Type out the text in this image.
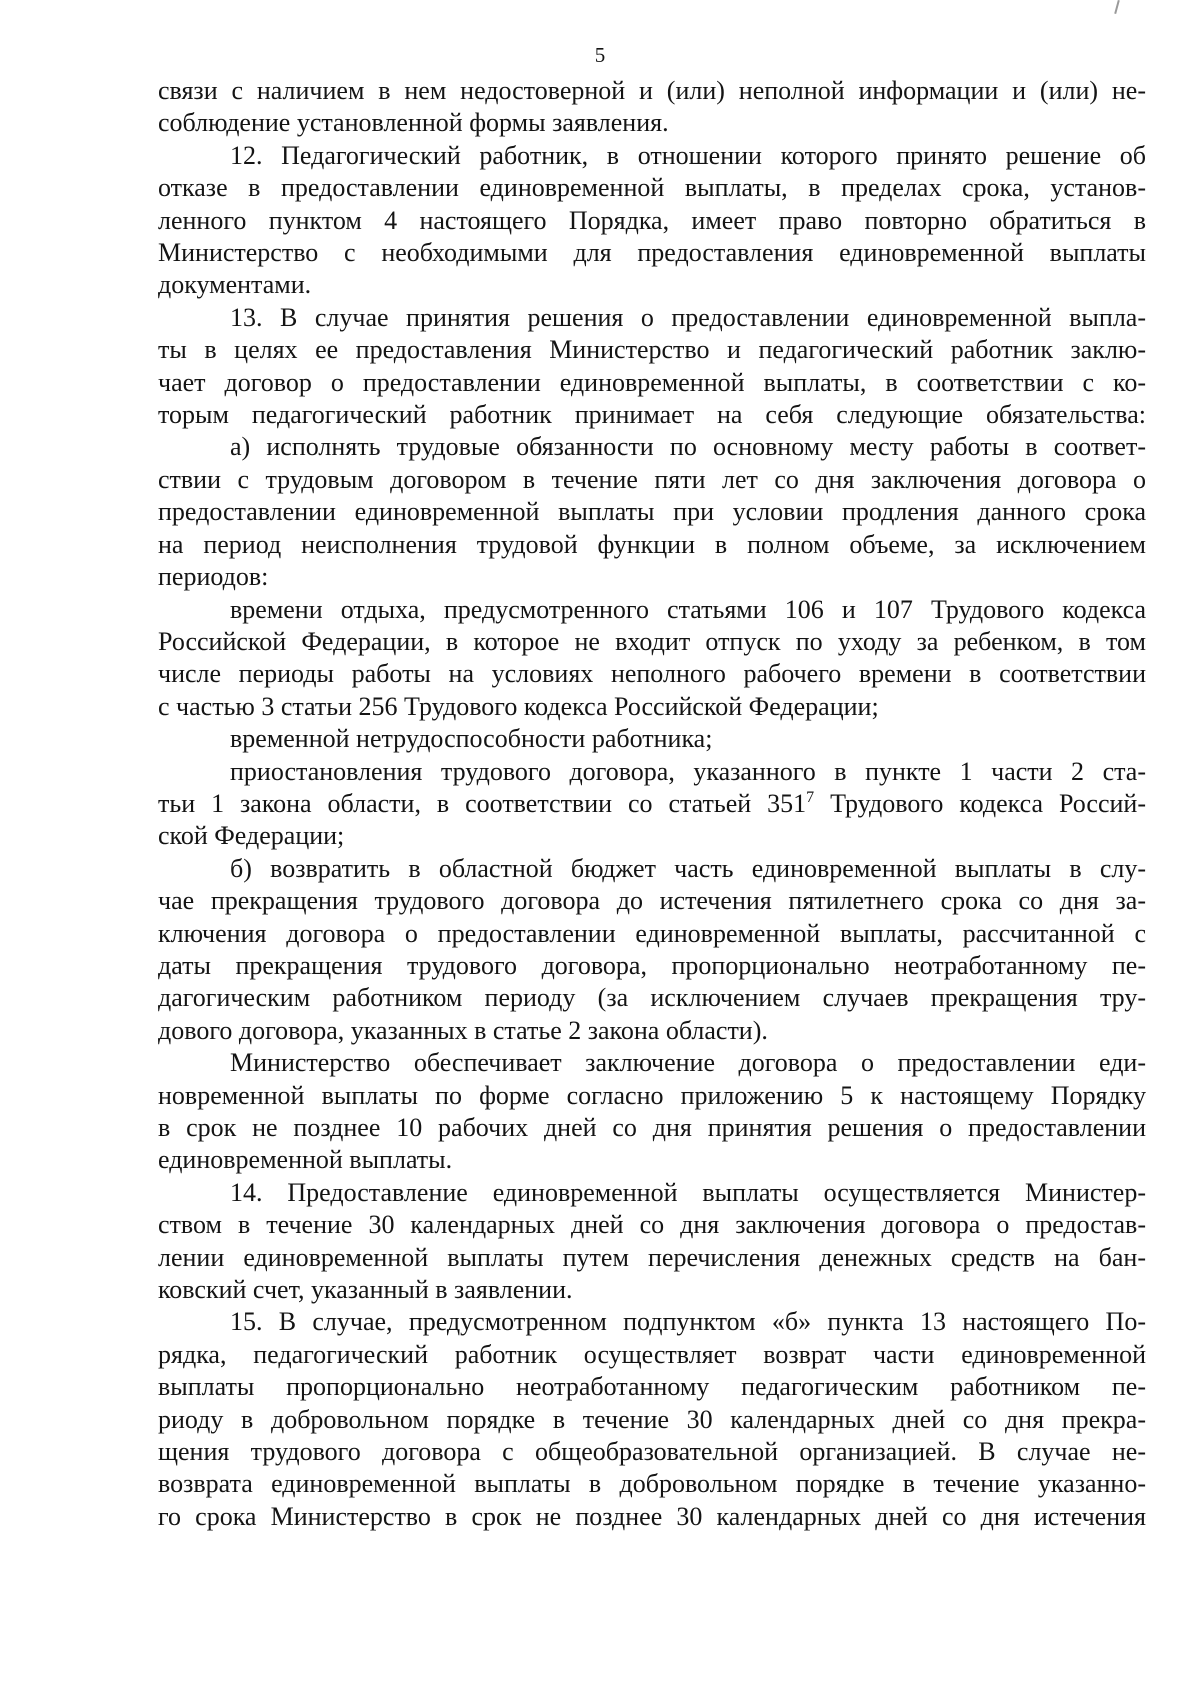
5
связи с наличием в нем недостоверной и (или) неполной информации и (или) не-
соблюдение установленной формы заявления.
12. Педагогический работник, в отношении которого принято решение об
отказе в предоставлении единовременной выплаты, в пределах срока, установ-
ленного пунктом 4 настоящего Порядка, имеет право повторно обратиться в
Министерство с необходимыми для предоставления единовременной выплаты
документами.
13. В случае принятия решения о предоставлении единовременной выпла-
ты в целях ее предоставления Министерство и педагогический работник заклю-
чает договор о предоставлении единовременной выплаты, в соответствии с ко-
торым педагогический работник принимает на себя следующие обязательства:
а) исполнять трудовые обязанности по основному месту работы в соответ-
ствии с трудовым договором в течение пяти лет со дня заключения договора о
предоставлении единовременной выплаты при условии продления данного срока
на период неисполнения трудовой функции в полном объеме, за исключением
периодов:
времени отдыха, предусмотренного статьями 106 и 107 Трудового кодекса
Российской Федерации, в которое не входит отпуск по уходу за ребенком, в том
числе периоды работы на условиях неполного рабочего времени в соответствии
с частью 3 статьи 256 Трудового кодекса Российской Федерации;
временной нетрудоспособности работника;
приостановления трудового договора, указанного в пункте 1 части 2 ста-
тьи 1 закона области, в соответствии со статьей $351^7$ Трудового кодекса Россий-
ской Федерации;
б) возвратить в областной бюджет часть единовременной выплаты в слу-
чае прекращения трудового договора до истечения пятилетнего срока со дня за-
ключения договора о предоставлении единовременной выплаты, рассчитанной с
даты прекращения трудового договора, пропорционально неотработанному пе-
дагогическим работником периоду (за исключением случаев прекращения тру-
дового договора, указанных в статье 2 закона области).
Министерство обеспечивает заключение договора о предоставлении еди-
новременной выплаты по форме согласно приложению 5 к настоящему Порядку
в срок не позднее 10 рабочих дней со дня принятия решения о предоставлении
единовременной выплаты.
14. Предоставление единовременной выплаты осуществляется Министер-
ством в течение 30 календарных дней со дня заключения договора о предостав-
лении единовременной выплаты путем перечисления денежных средств на бан-
ковский счет, указанный в заявлении.
15. В случае, предусмотренном подпунктом «б» пункта 13 настоящего По-
рядка, педагогический работник осуществляет возврат части единовременной
выплаты пропорционально неотработанному педагогическим работником пе-
риоду в добровольном порядке в течение 30 календарных дней со дня прекра-
щения трудового договора с общеобразовательной организацией. В случае не-
возврата единовременной выплаты в добровольном порядке в течение указанно-
го срока Министерство в срок не позднее 30 календарных дней со дня истечения
